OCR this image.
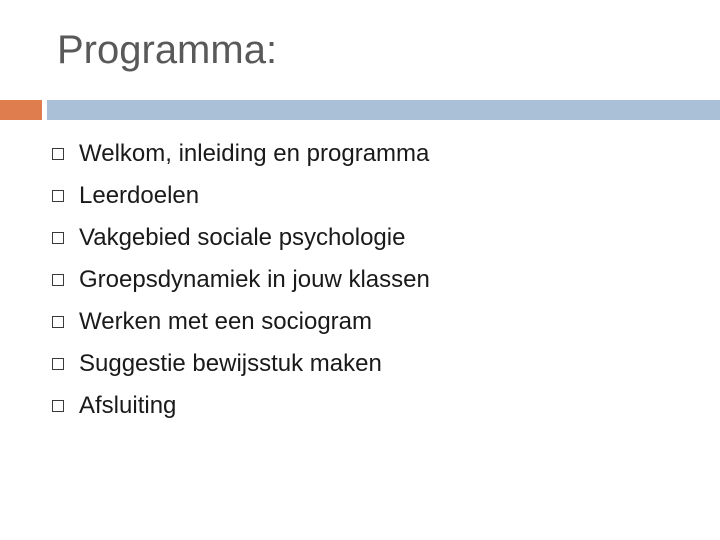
Programma:
Welkom, inleiding en programma
Leerdoelen
Vakgebied sociale psychologie
Groepsdynamiek in jouw klassen
Werken met een sociogram
Suggestie bewijsstuk maken
Afsluiting
